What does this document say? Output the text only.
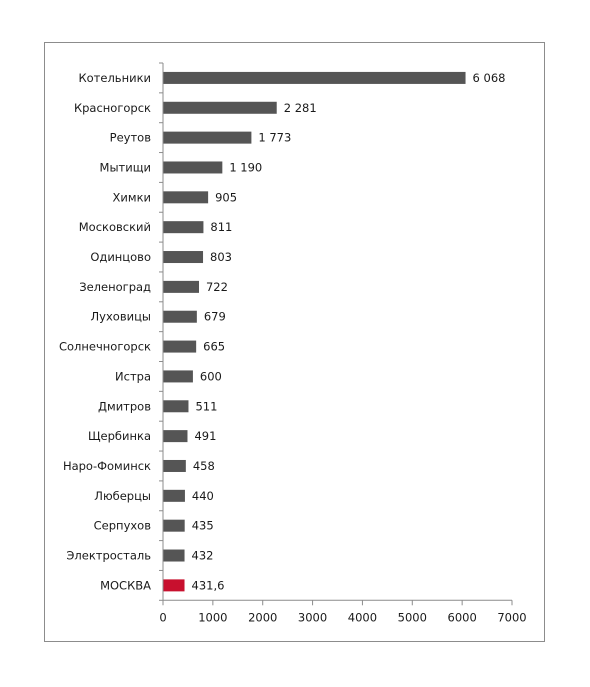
Котельники
Красногорск
Реутов
Мытищи
Химки
Московский
Одинцово
Зеленоград
Луховицы
Солнечногорск
Истра
Дмитров
Щербинка
Наро-Фоминск
Люберцы
Серпухов
Электросталь
МОСКВА
6 068
2 281
1 773
1 190
905
811
803
722
679
665
600
511
491
458
440
435
432
431,6
0	1000 2000 3000 4000 5000 6000 7000
